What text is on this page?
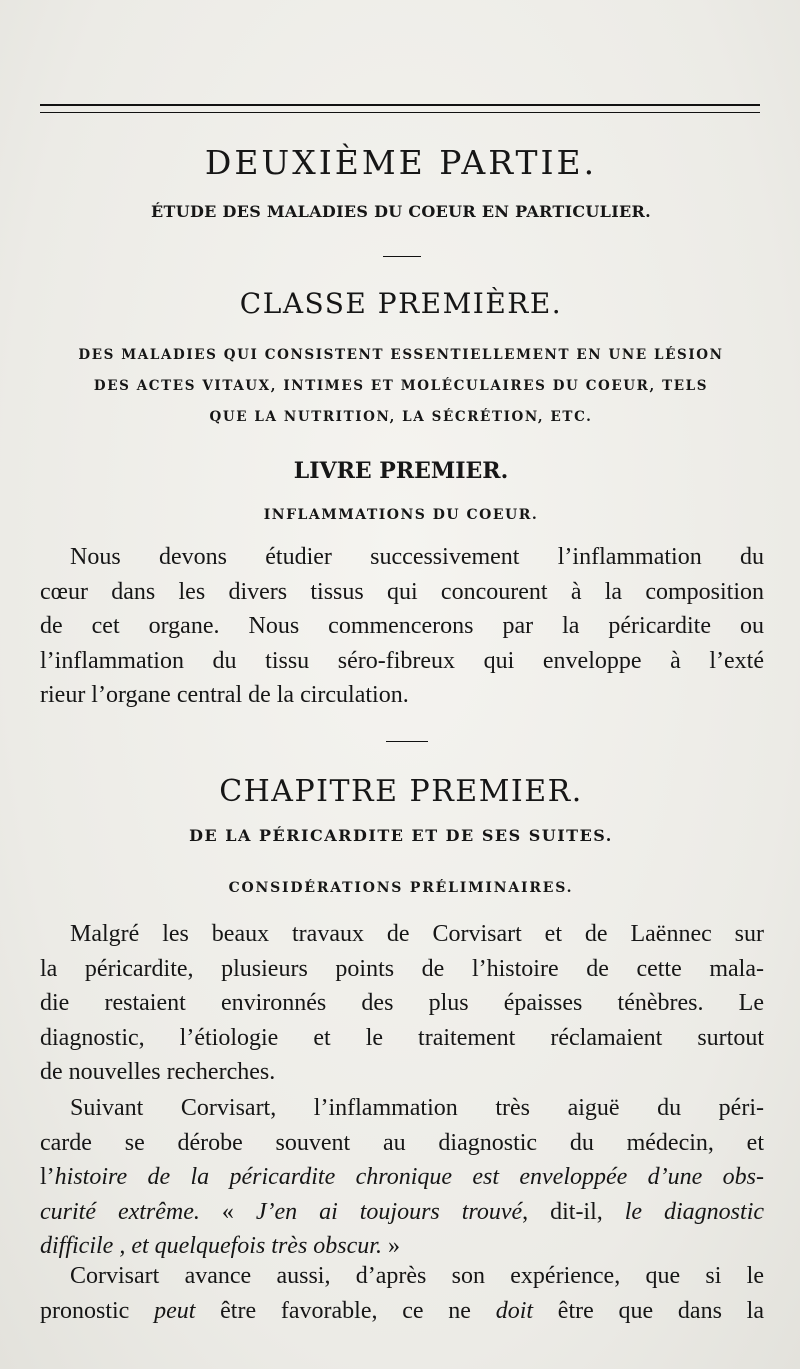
DEUXIÈME PARTIE.
ÉTUDE DES MALADIES DU COEUR EN PARTICULIER.
CLASSE PREMIÈRE.
DES MALADIES QUI CONSISTENT ESSENTIELLEMENT EN UNE LÉSION
DES ACTES VITAUX, INTIMES ET MOLÉCULAIRES DU COEUR, TELS
QUE LA NUTRITION, LA SÉCRÉTION, ETC.
LIVRE PREMIER.
INFLAMMATIONS DU COEUR.
Nous devons étudier successivement l’inflammation du
cœur dans les divers tissus qui concourent à la composition
de cet organe. Nous commencerons par la péricardite ou
l’inflammation du tissu séro-fibreux qui enveloppe à l’exté
rieur l’organe central de la circulation.
CHAPITRE PREMIER.
DE LA PÉRICARDITE ET DE SES SUITES.
CONSIDÉRATIONS PRÉLIMINAIRES.
Malgré les beaux travaux de Corvisart et de Laënnec sur
la péricardite, plusieurs points de l’histoire de cette mala-
die restaient environnés des plus épaisses ténèbres. Le
diagnostic, l’étiologie et le traitement réclamaient surtout
de nouvelles recherches.
Suivant Corvisart, l’inflammation très aiguë du péri-
carde se dérobe souvent au diagnostic du médecin, et
l’histoire de la péricardite chronique est enveloppée d’une obs-
curité extrême. « J’en ai toujours trouvé, dit-il, le diagnostic
difficile , et quelquefois très obscur. »
Corvisart avance aussi, d’après son expérience, que si le
pronostic peut être favorable, ce ne doit être que dans la
